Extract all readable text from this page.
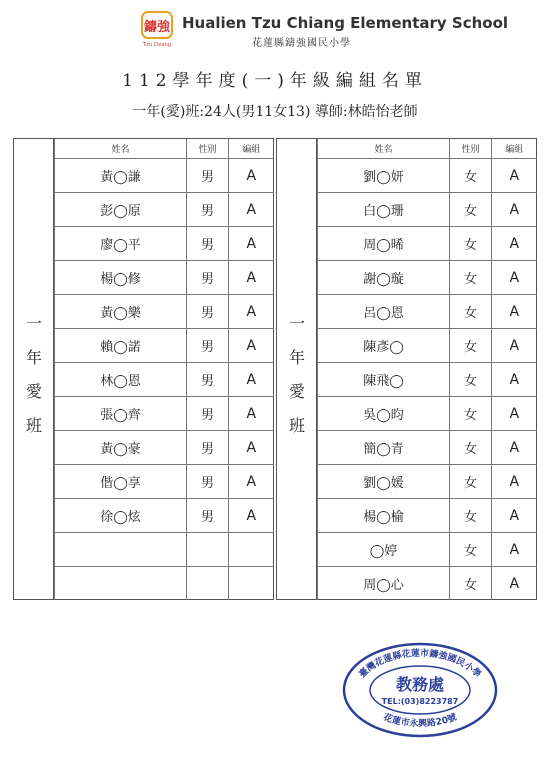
鑄強
Tzu Chiang
Hualien Tzu Chiang Elementary School
花蓮縣鑄強國民小學
112學年度(一)年級編組名單
一年(愛)班:24人(男11女13) 導師:林皓怡老師
一
年
愛
班
姓名	性別	編組
黃◯謙	男	A
彭◯原	男	A
廖◯平	男	A
楊◯修	男	A
黃◯樂	男	A
賴◯諾	男	A
林◯恩	男	A
張◯齊	男	A
黃◯豪	男	A
偕◯享	男	A
徐◯炫	男	A

一
年
愛
班
姓名	性別	編組
劉◯妍	女	A
白◯珊	女	A
周◯晞	女	A
謝◯璇	女	A
呂◯恩	女	A
陳彥◯	女	A
陳飛◯	女	A
吳◯昀	女	A
簡◯青	女	A
劉◯媛	女	A
楊◯榆	女	A
◯婷	女	A
周◯心	女	A
臺灣花蓮縣花蓮市鑄強國民小學
花蓮市永興路20號
教務處
TEL:(03)8223787
